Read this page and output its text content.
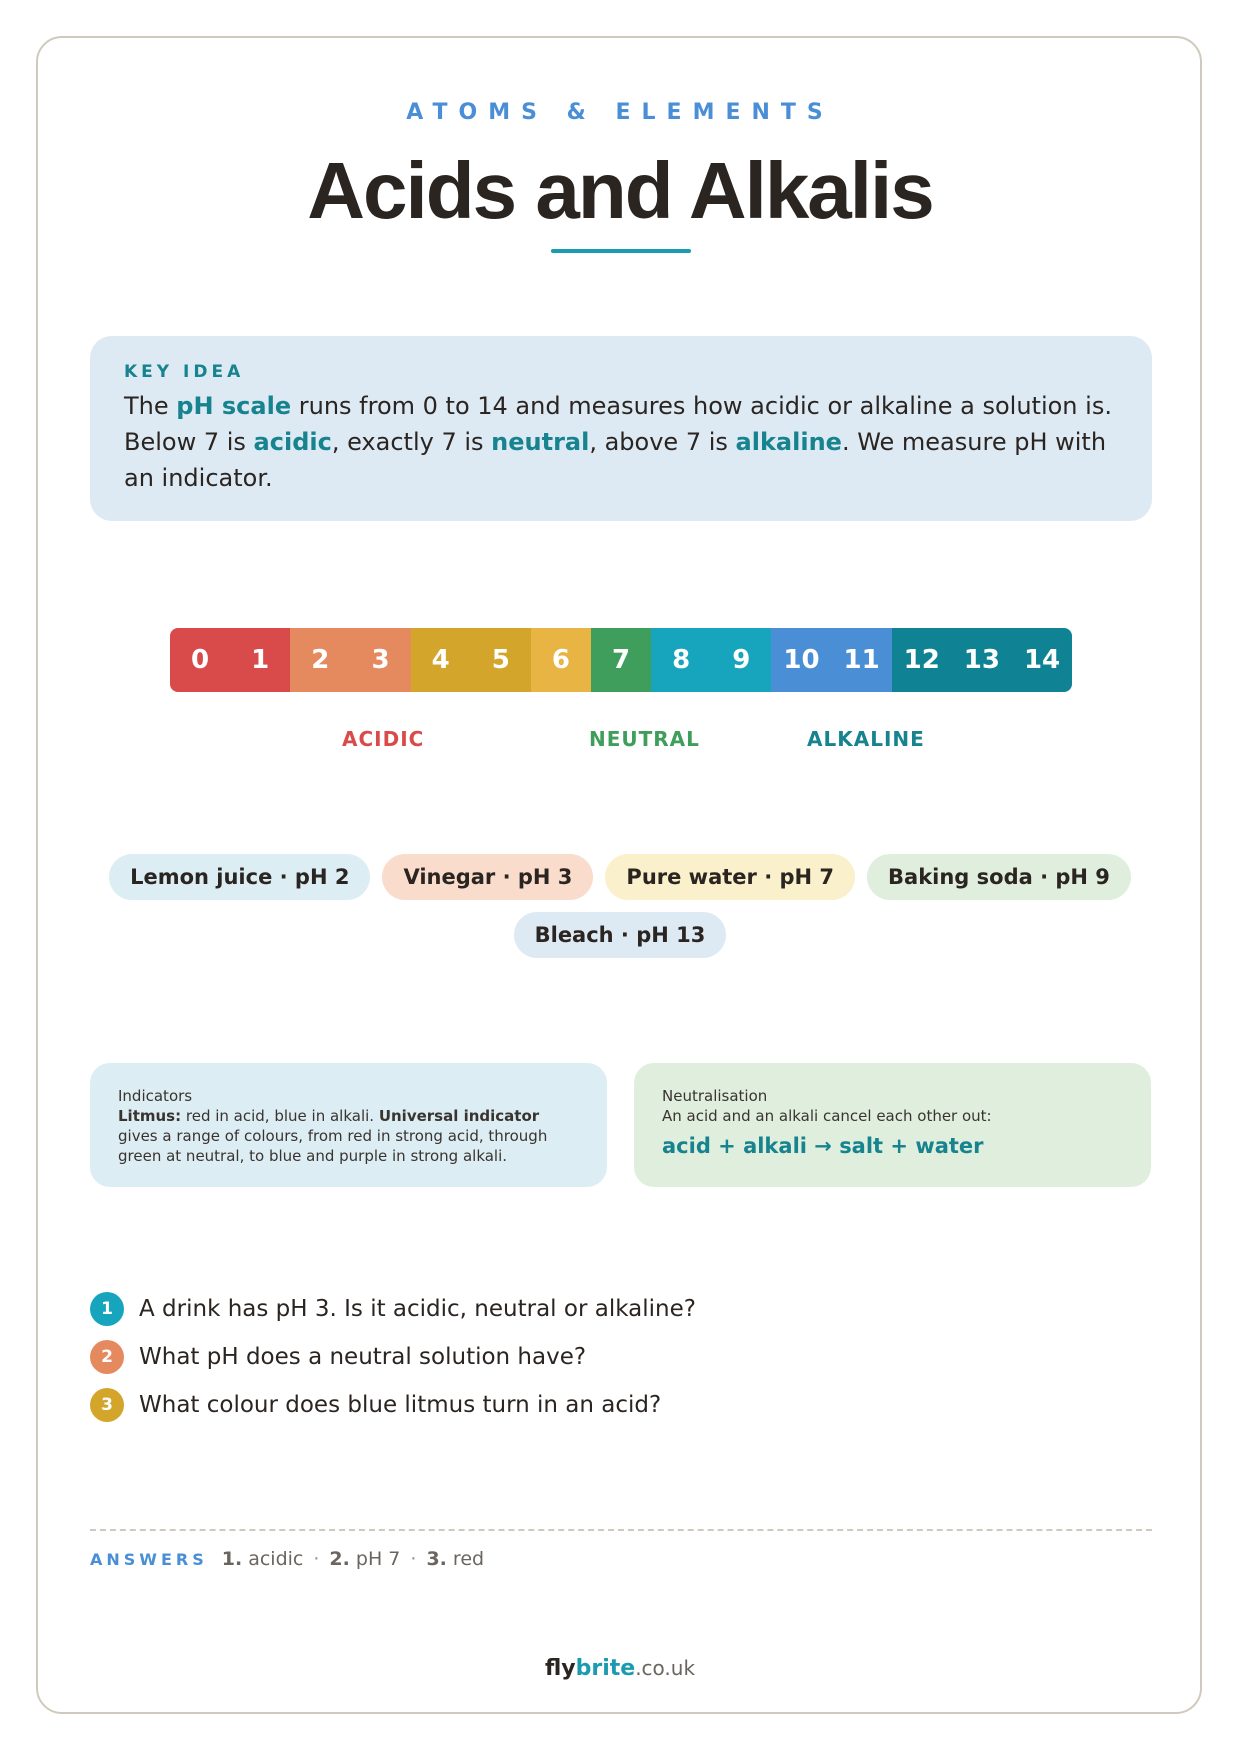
ATOMS & ELEMENTS
Acids and Alkalis
KEY IDEA
The pH scale runs from 0 to 14 and measures how acidic or alkaline a solution is. Below 7 is acidic, exactly 7 is neutral, above 7 is alkaline. We measure pH with an indicator.
0	1	2	3	4	5	6	7	8	9	10 11 12 13 14
ACIDIC	NEUTRAL	ALKALINE
Lemon juice · pH 2	Vinegar · pH 3	Pure water · pH 7	Baking soda · pH 9
Bleach · pH 13
Indicators
Litmus: red in acid, blue in alkali. Universal indicator gives a range of colours, from red in strong acid, through green at neutral, to blue and purple in strong alkali.
Neutralisation
An acid and an alkali cancel each other out:
acid + alkali → salt + water
1	A drink has pH 3. Is it acidic, neutral or alkaline?
2	What pH does a neutral solution have?
3	What colour does blue litmus turn in an acid?
ANSWERS 1. acidic · 2. pH 7 · 3. red
flybrite.co.uk
